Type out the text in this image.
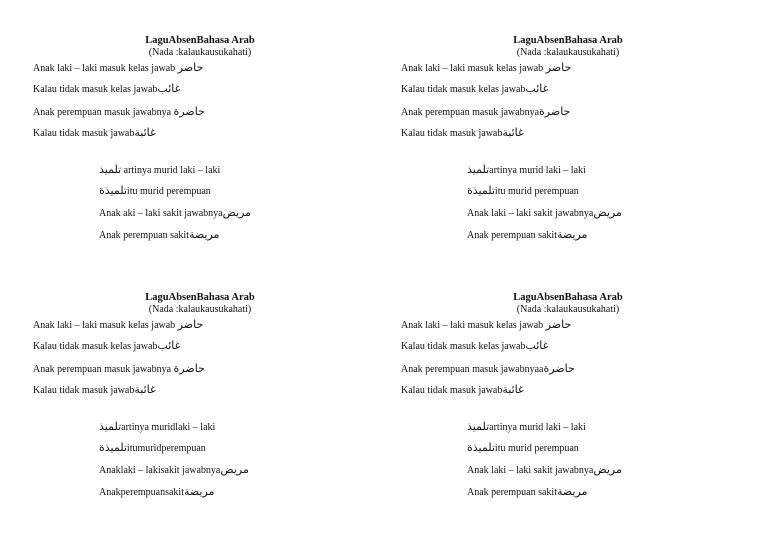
LaguAbsenBahasa Arab
(Nada :kalaukausukahati)
Anak laki – laki masuk kelas jawab حاضر
Kalau tidak masuk kelas jawabغائب
Anak perempuan masuk jawabnya حاضرة
Kalau tidak masuk jawabغائبة
تلميذ artinya murid laki – laki
تلميذةitu murid perempuan
Anak aki – laki sakit jawabnyaمريض
Anak perempuan sakitمريضة
LaguAbsenBahasa Arab
(Nada :kalaukausukahati)
Anak laki – laki masuk kelas jawab حاضر
Kalau tidak masuk kelas jawabغائب
Anak perempuan masuk jawabnyaحاضرة
Kalau tidak masuk jawabغائبة
تلميذartinya murid laki – laki
تلميذةitu murid perempuan
Anak laki – laki sakit jawabnyaمريض
Anak perempuan sakitمريضة
LaguAbsenBahasa Arab
(Nada :kalaukausukahati)
Anak laki – laki masuk kelas jawab حاضر
Kalau tidak masuk kelas jawabغائب
Anak perempuan masuk jawabnya حاضرة
Kalau tidak masuk jawabغائبة
تلميذartinya muridlaki – laki
تلميذةitumuridperempuan
Anaklaki – lakisakit jawabnyaمريض
Anakperempuansakitمريضة
LaguAbsenBahasa Arab
(Nada :kalaukausukahati)
Anak laki – laki masuk kelas jawab حاضر
Kalau tidak masuk kelas jawabغائب
Anak perempuan masuk jawabnyaaحاضرة
Kalau tidak masuk jawabغائبة
تلميذartinya murid laki – laki
تلميذةitu murid perempuan
Anak laki – laki sakit jawabnyaمريض
Anak perempuan sakitمريضة
